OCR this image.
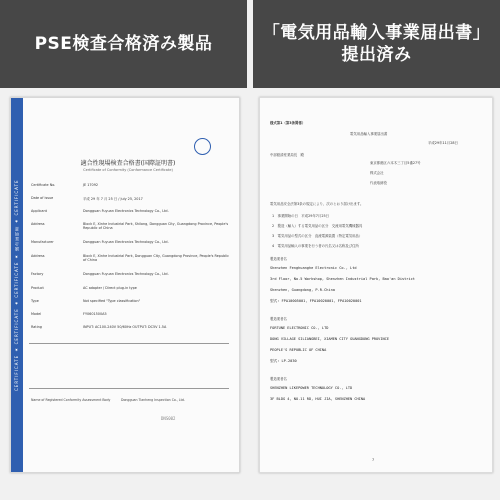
PSE検査合格済み製品
CERTIFICATE ★ CERTIFICATE ★ CERTIFICATE ★ 適合証明書 ★ CERTIFICATE
適合性現場検査合格書(国際証明書)
Certificate of Conformity (Conformance Certificate)
Certificate No.	JE 17092
Date of issue	平成 29 年 7 月 25 日 / July 25, 2017
Applicant	Dongguan Fuyuan Electronics Technology Co., Ltd.
Address	Block E, Xinhe Industrial Park, Shilong, Dongguan City, Guangdong Province, People's Republic of China
Manufacturer	Dongguan Fuyuan Electronics Technology Co., Ltd.
Address	Block E, Xinhe Industrial Park, Dongguan City, Guangdong Province, People's Republic of China
Factory	Dongguan Fuyuan Electronics Technology Co., Ltd.
Product	AC adapter / Direct plug-in type
Type	Not specified "Type classification"
Model	FY0601500A5
Rating	INPUT: AC100-240V 50/60Hz OUTPUT: DC5V 1.5A
Name of Registered Conformity Assessment Body	Dongguan Tianheng Inspection Co., Ltd.
DNS002
「電気用品輸入事業届出書」
提出済み
様式第1（第3条関係）
電気用品輸入事業届出書
平成29年11月28日
中部経済産業局長　殿
東京都港区六本木三丁目5番27号
株式会社
代表取締役
電気用品安全法第3条の規定により、次のとおり届け出ます。
1　事業開始の日　平成29年7月25日
2　製造（輸入）する電気用品の区分　交流用電気機械器具
3　電気用品の型式の区分　直流電源装置（特定電気用品）
4　電気用品輸入の事業を行う者の氏名又は名称及び住所
製造業者名
Shenzhen Fenghuanghe Electronic Co., Ltd
3rd Floor, No.5 Workshop, Shenzhen Industrial Park, Bao'an District
Shenzhen, Guangdong, P.R.China
型式: FPA10005001, FPA10020001, FPA10020001
製造業者名
FORTUNE ELECTRONIC CO., LTD
DONG VILLAGE SILIANGBEI, XIAMEN CITY GUANGDONG PROVINCE
PEOPLE'S REPUBLIC OF CHINA
型式: LP-2030
製造業者名
SHENZHEN LIKEPOWER TECHNOLOGY CO., LTD
3F BLDG 4, NO.11 RD, HUI JIA, SHENZHEN CHINA
7
